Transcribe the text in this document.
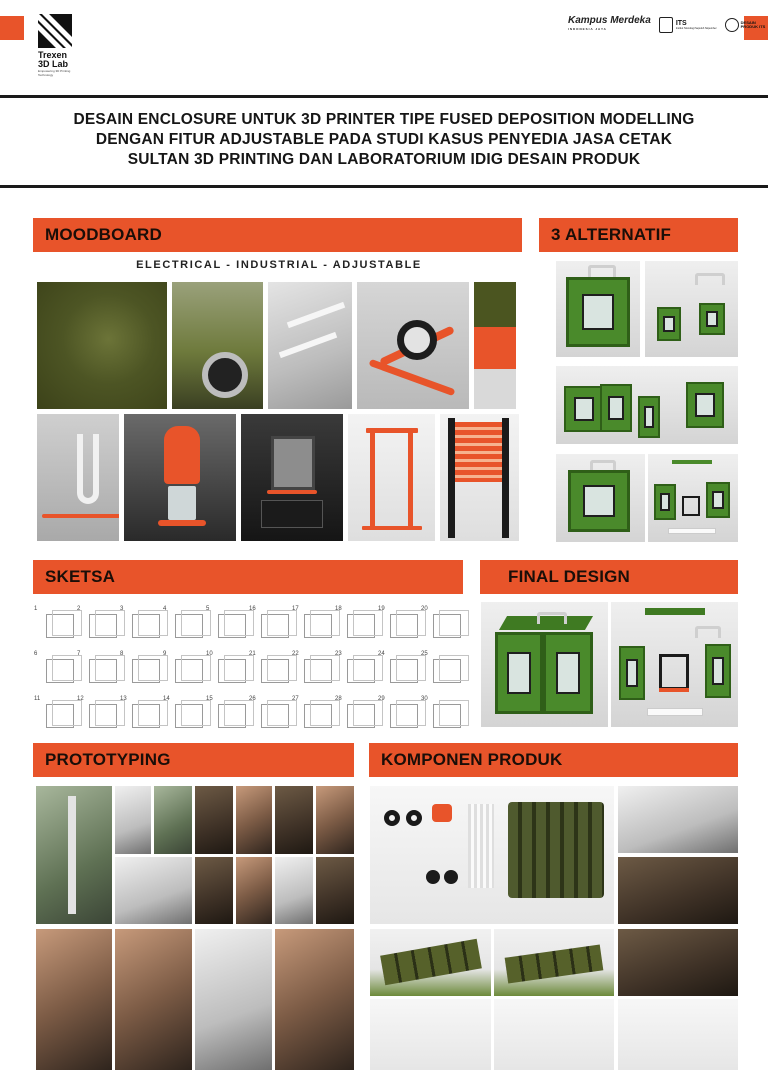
Trexen 3D Lab
Empowering 3D Printing Technology
Kampus Merdeka
INDONESIA JAYA
ITS
Institut Teknologi Sepuluh Nopember
DESAIN PRODUK ITS
DESAIN ENCLOSURE UNTUK 3D PRINTER TIPE FUSED DEPOSITION MODELLING
DENGAN FITUR ADJUSTABLE PADA STUDI KASUS PENYEDIA JASA CETAK
SULTAN 3D PRINTING DAN LABORATORIUM IDIG DESAIN PRODUK
MOODBOARD
ELECTRICAL - INDUSTRIAL - ADJUSTABLE
3 ALTERNATIF
SKETSA
1	2	3	4	5	16	17	18	19	20
6	7	8	9	10	21	22	23	24	25
11	12	13	14	15	26	27	28	29	30
FINAL DESIGN
PROTOTYPING	KOMPONEN PRODUK
